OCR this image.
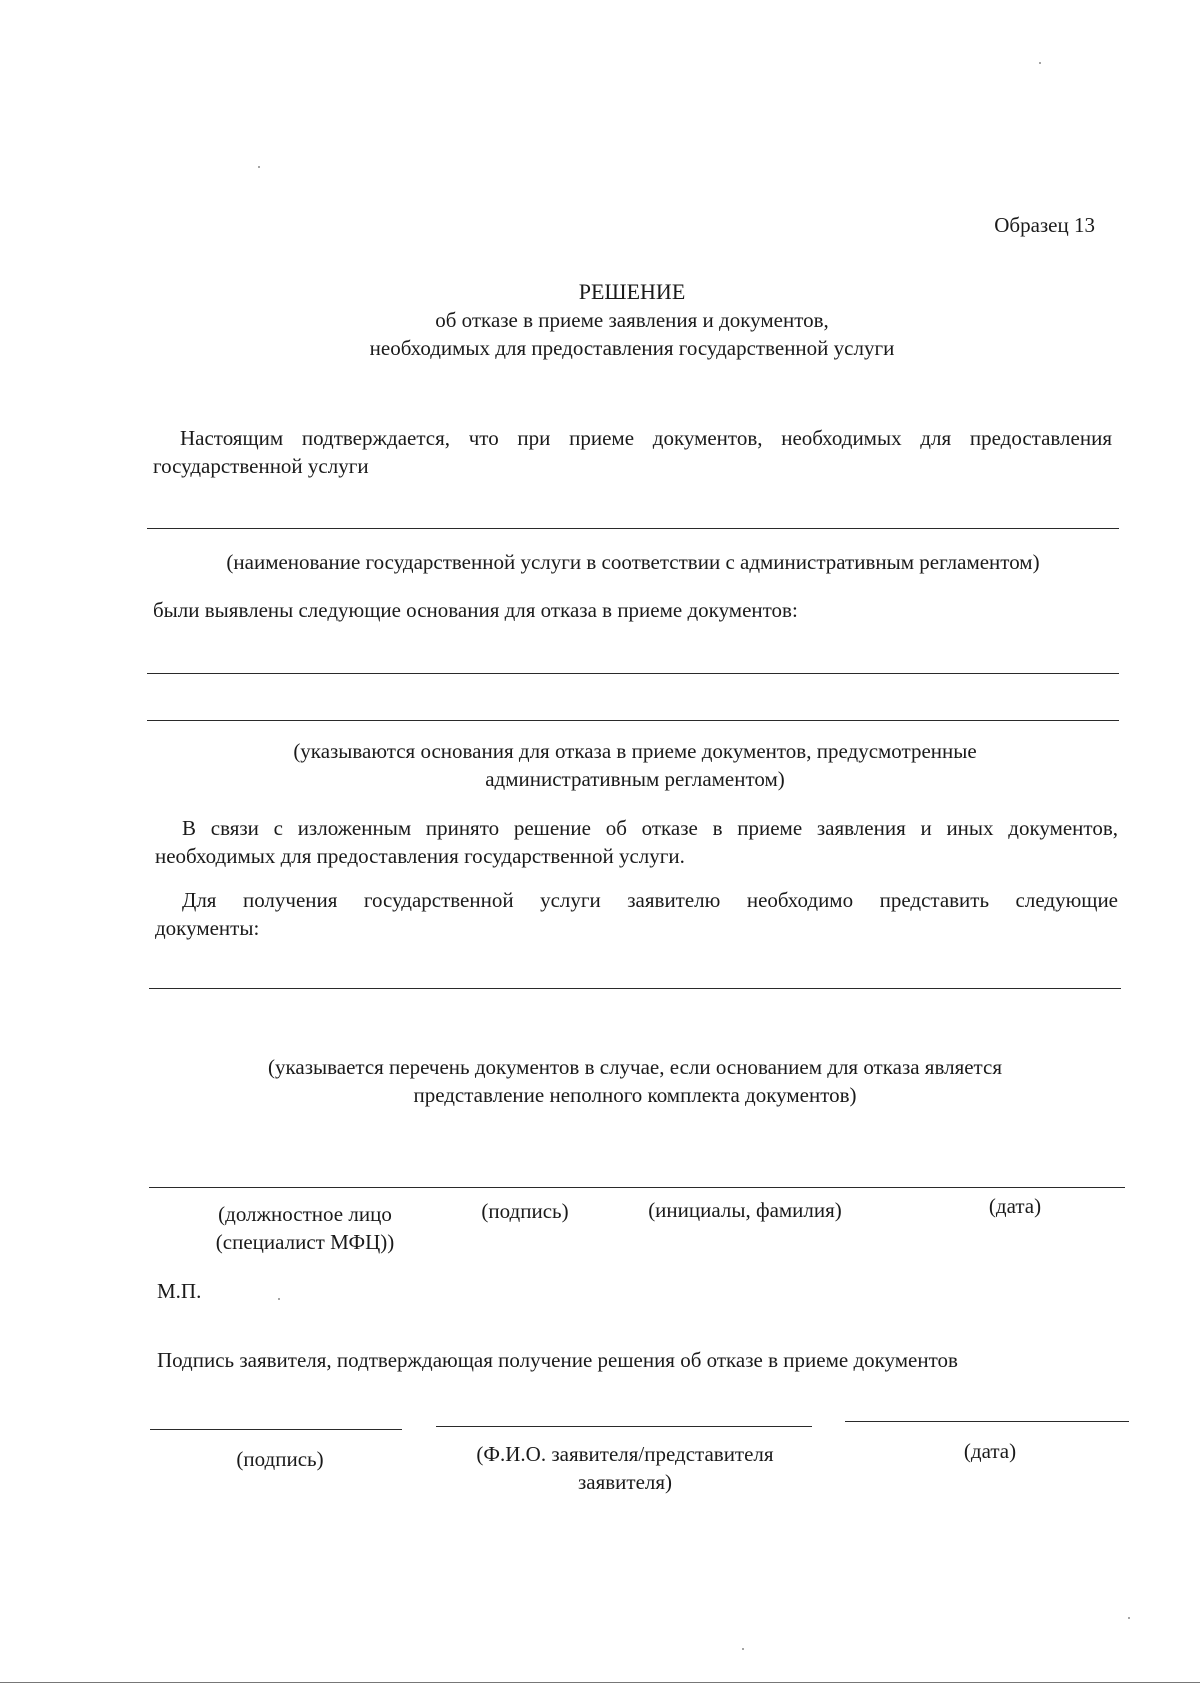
Образец 13
РЕШЕНИЕ
об отказе в приеме заявления и документов,
необходимых для предоставления государственной услуги
Настоящим подтверждается, что при приеме документов, необходимых для предоставления
государственной услуги
(наименование государственной услуги в соответствии с административным регламентом)
были выявлены следующие основания для отказа в приеме документов:
(указываются основания для отказа в приеме документов, предусмотренные
административным регламентом)
В связи с изложенным принято решение об отказе в приеме заявления и иных документов,
необходимых для предоставления государственной услуги.
Для получения государственной услуги заявителю необходимо представить следующие
документы:
(указывается перечень документов в случае, если основанием для отказа является
представление неполного комплекта документов)
(должностное лицо
(специалист МФЦ))
(подпись)	(инициалы, фамилия)	(дата)
М.П.
Подпись заявителя, подтверждающая получение решения об отказе в приеме документов
(подпись)	(Ф.И.О. заявителя/представителя
заявителя)
(дата)
